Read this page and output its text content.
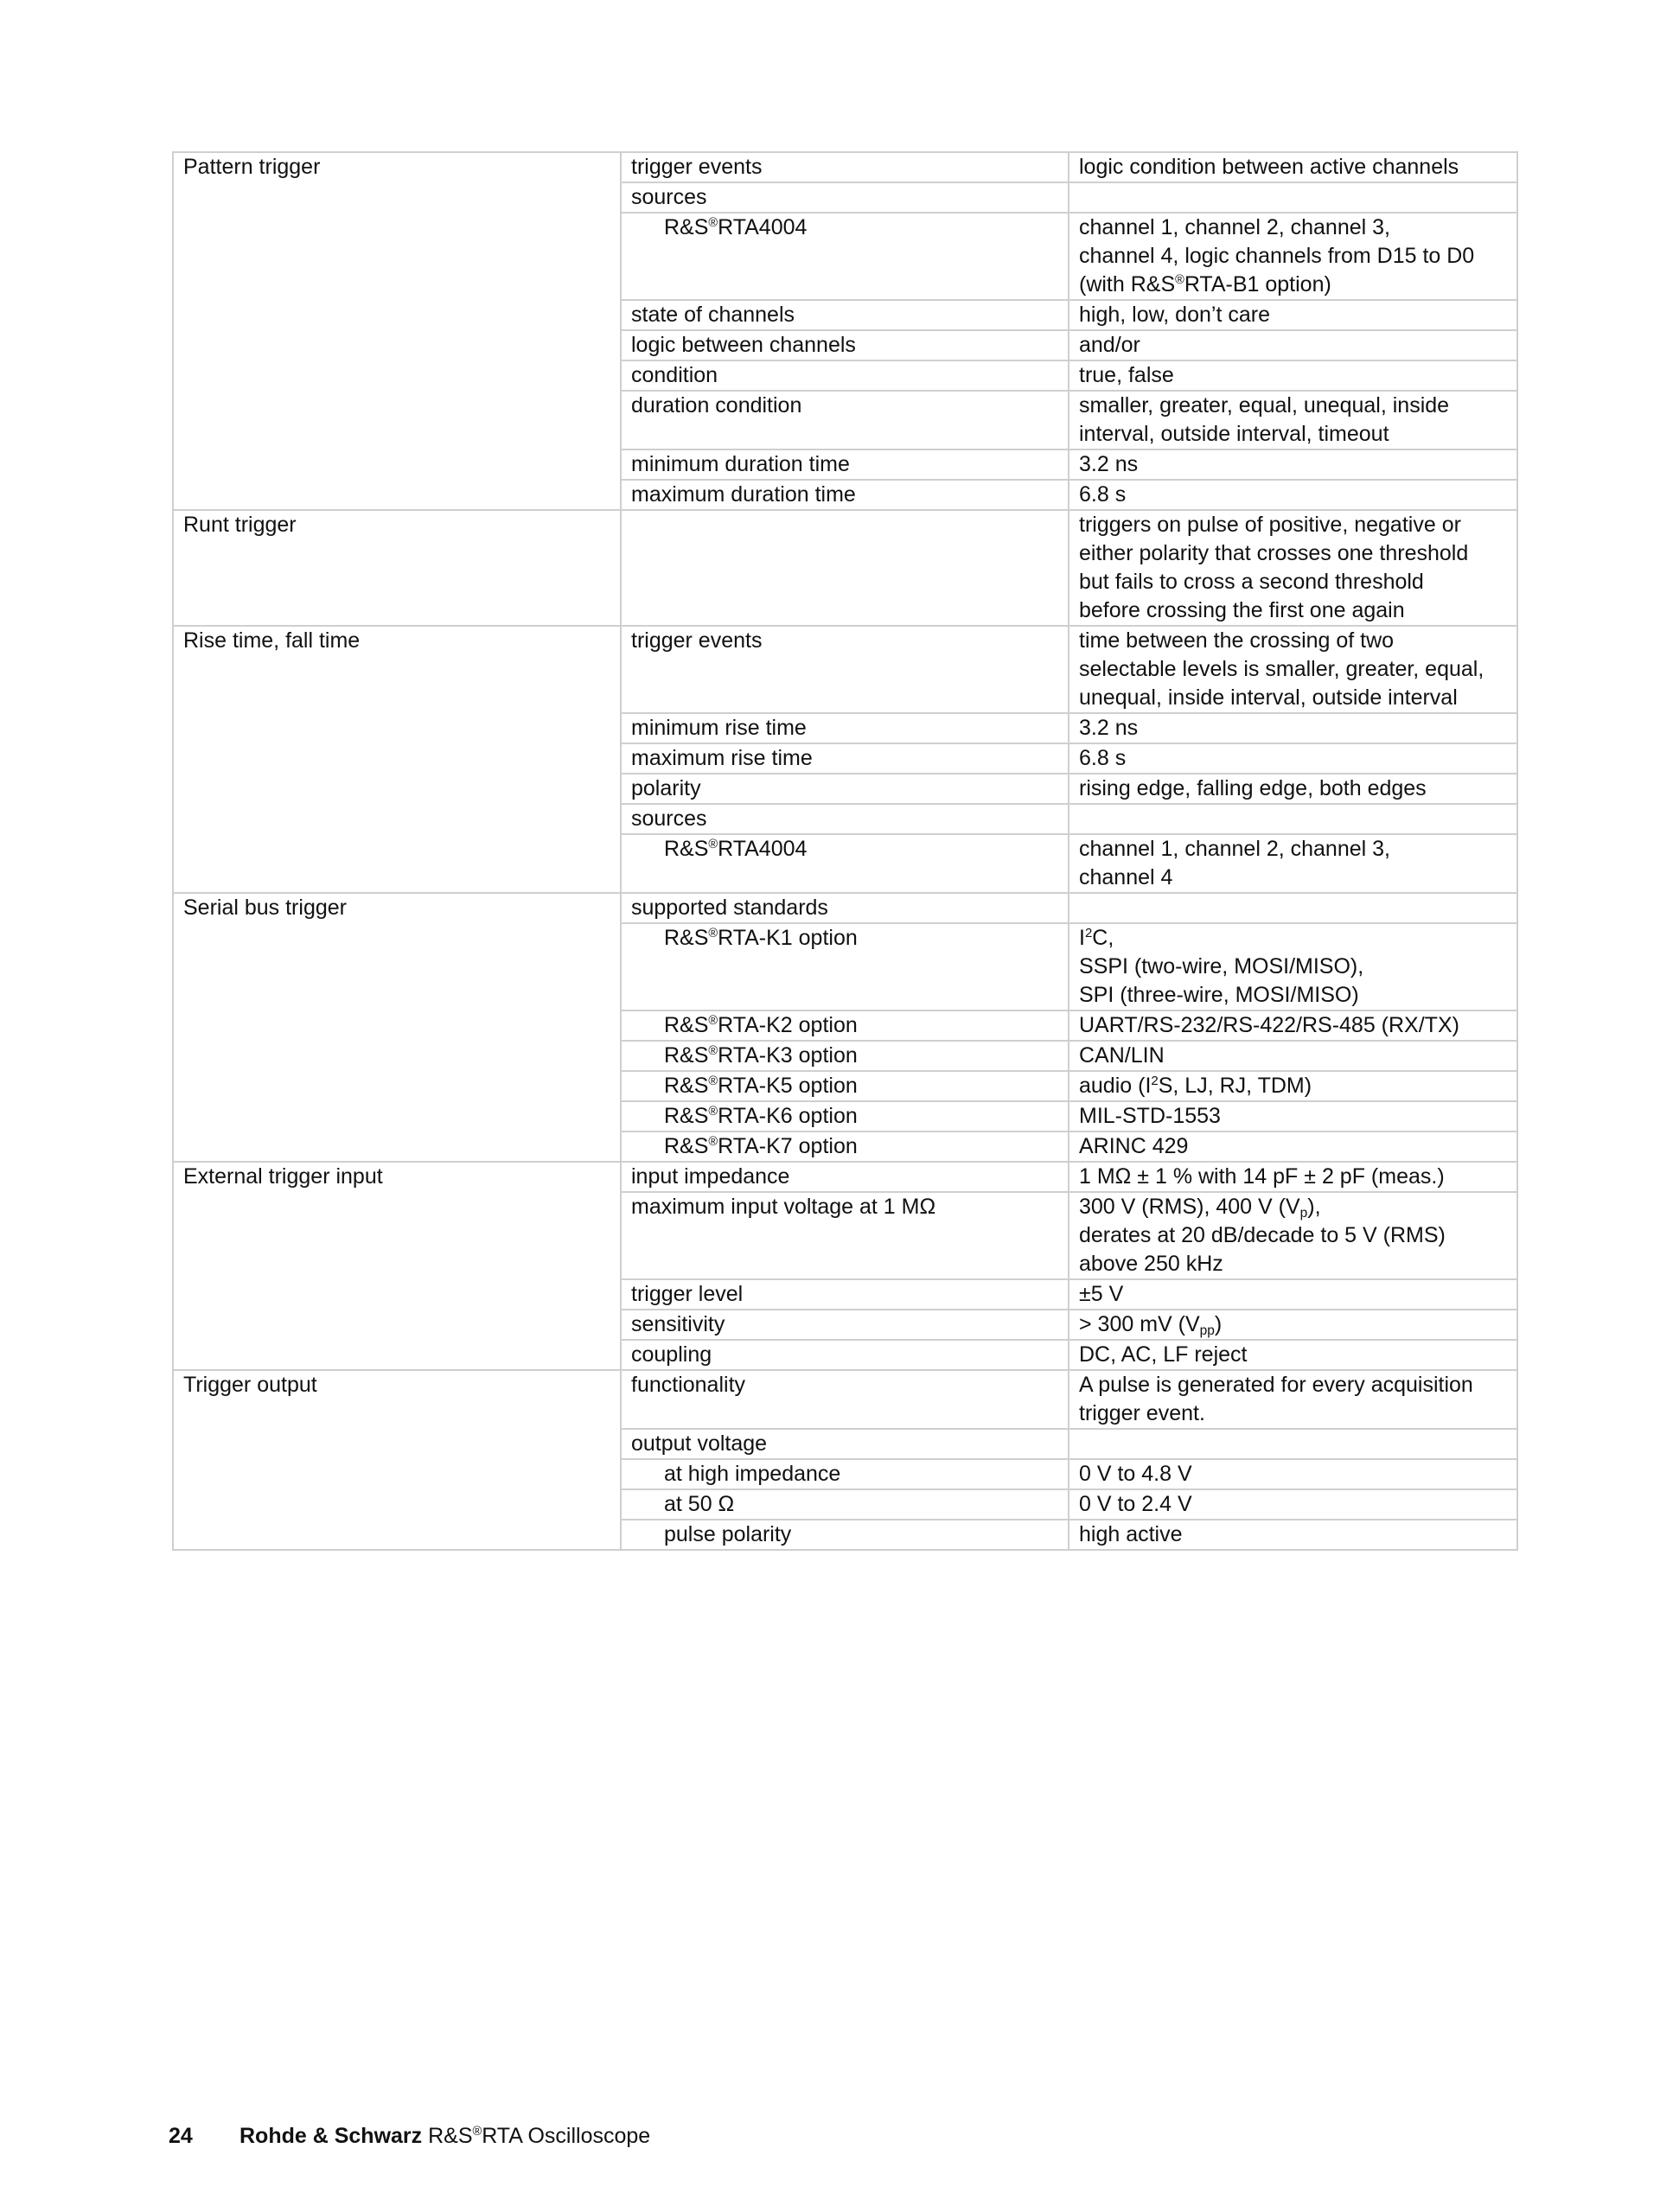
Pattern trigger	trigger events	logic condition between active channels
	sources	
	R&S®RTA4004	channel 1, channel 2, channel 3,
channel 4, logic channels from D15 to D0
(with R&S®RTA-B1 option)
	state of channels	high, low, don’t care
	logic between channels	and/or
	condition	true, false
	duration condition	smaller, greater, equal, unequal, inside
interval, outside interval, timeout
	minimum duration time	3.2 ns
	maximum duration time	6.8 s
Runt trigger		triggers on pulse of positive, negative or
either polarity that crosses one threshold
but fails to cross a second threshold
before crossing the first one again
Rise time, fall time	trigger events	time between the crossing of two
selectable levels is smaller, greater, equal,
unequal, inside interval, outside interval
	minimum rise time	3.2 ns
	maximum rise time	6.8 s
	polarity	rising edge, falling edge, both edges
	sources	
	R&S®RTA4004	channel 1, channel 2, channel 3,
channel 4
Serial bus trigger	supported standards	
	R&S®RTA-K1 option	$I^2C$,
SSPI (two-wire, MOSI/MISO),
SPI (three-wire, MOSI/MISO)
	R&S®RTA-K2 option	UART/RS-232/RS-422/RS-485 (RX/TX)
	R&S®RTA-K3 option	CAN/LIN
	R&S®RTA-K5 option	audio ($I^2S$, LJ, RJ, TDM)
	R&S®RTA-K6 option	MIL-STD-1553
	R&S®RTA-K7 option	ARINC 429
External trigger input	input impedance	1 MΩ ± 1 % with 14 pF ± 2 pF (meas.)
	maximum input voltage at 1 MΩ	300 V (RMS), 400 V $(V_p)$,
derates at 20 dB/decade to 5 V (RMS)
above 250 kHz
	trigger level	±5 V
	sensitivity	> 300 mV $(V_{pp})$
	coupling	DC, AC, LF reject
Trigger output	functionality	A pulse is generated for every acquisition
trigger event.
	output voltage	
	at high impedance	0 V to 4.8 V
	at 50 Ω	0 V to 2.4 V
	pulse polarity	high active
24 Rohde & Schwarz R&S®RTA Oscilloscope
